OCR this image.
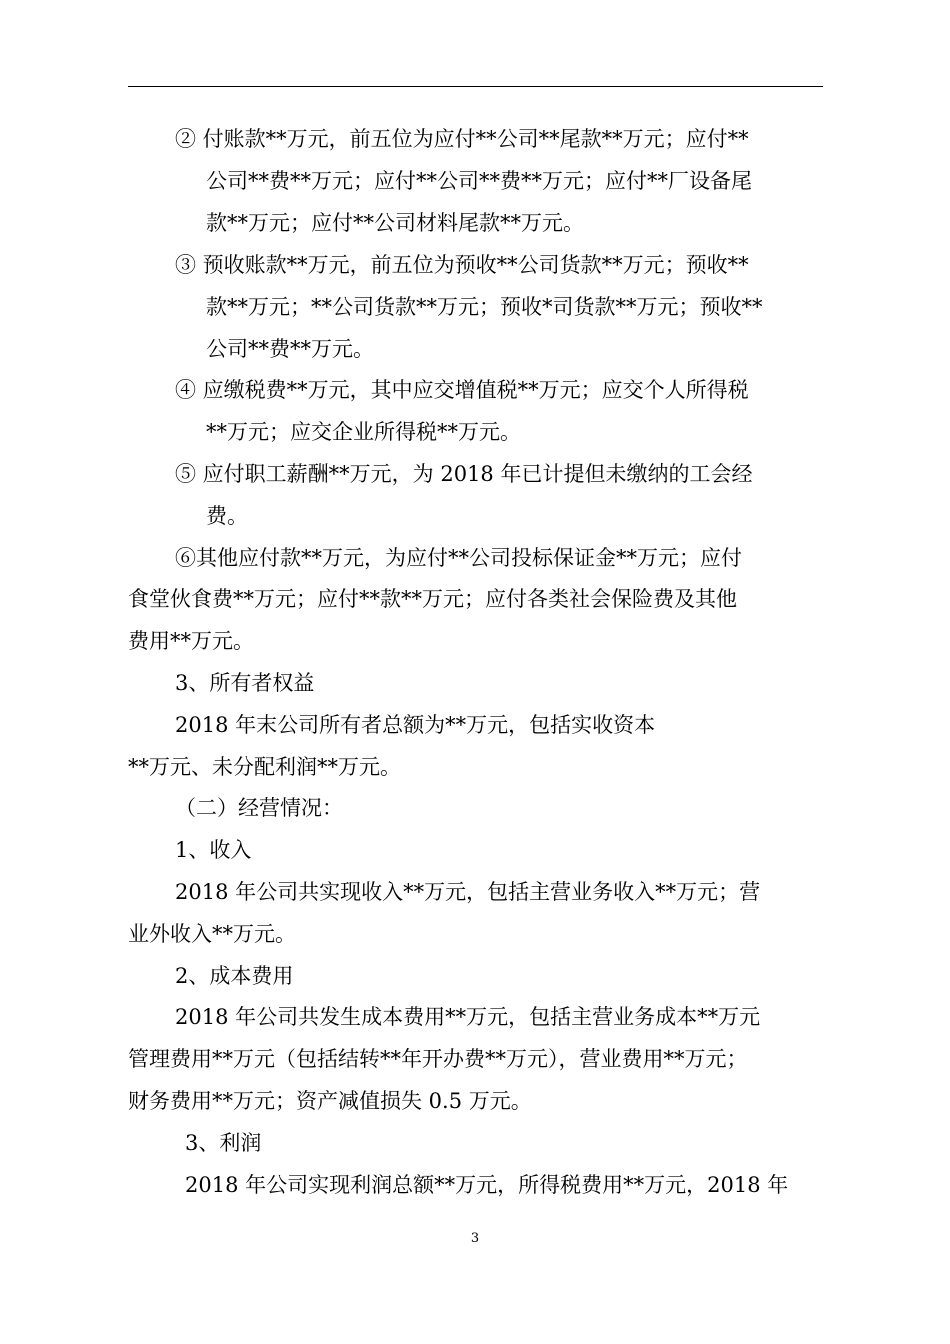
② 付账款**万元，前五位为应付**公司**尾款**万元；应付**
公司**费**万元；应付**公司**费**万元；应付**厂设备尾
款**万元；应付**公司材料尾款**万元。
③ 预收账款**万元，前五位为预收**公司货款**万元；预收**
款**万元；**公司货款**万元；预收*司货款**万元；预收**
公司**费**万元。
④ 应缴税费**万元，其中应交增值税**万元；应交个人所得税
**万元；应交企业所得税**万元。
⑤ 应付职工薪酬**万元，为 2018 年已计提但未缴纳的工会经
费。
⑥其他应付款**万元，为应付**公司投标保证金**万元；应付
食堂伙食费**万元；应付**款**万元；应付各类社会保险费及其他
费用**万元。
3、所有者权益
2018 年末公司所有者总额为**万元，包括实收资本
**万元、未分配利润**万元。
（二）经营情况：
1、收入
2018 年公司共实现收入**万元，包括主营业务收入**万元；营
业外收入**万元。
2、成本费用
2018 年公司共发生成本费用**万元，包括主营业务成本**万元
管理费用**万元（包括结转**年开办费**万元），营业费用**万元；
财务费用**万元；资产减值损失 0.5 万元。
3、利润
2018 年公司实现利润总额**万元，所得税费用**万元，2018 年
3
